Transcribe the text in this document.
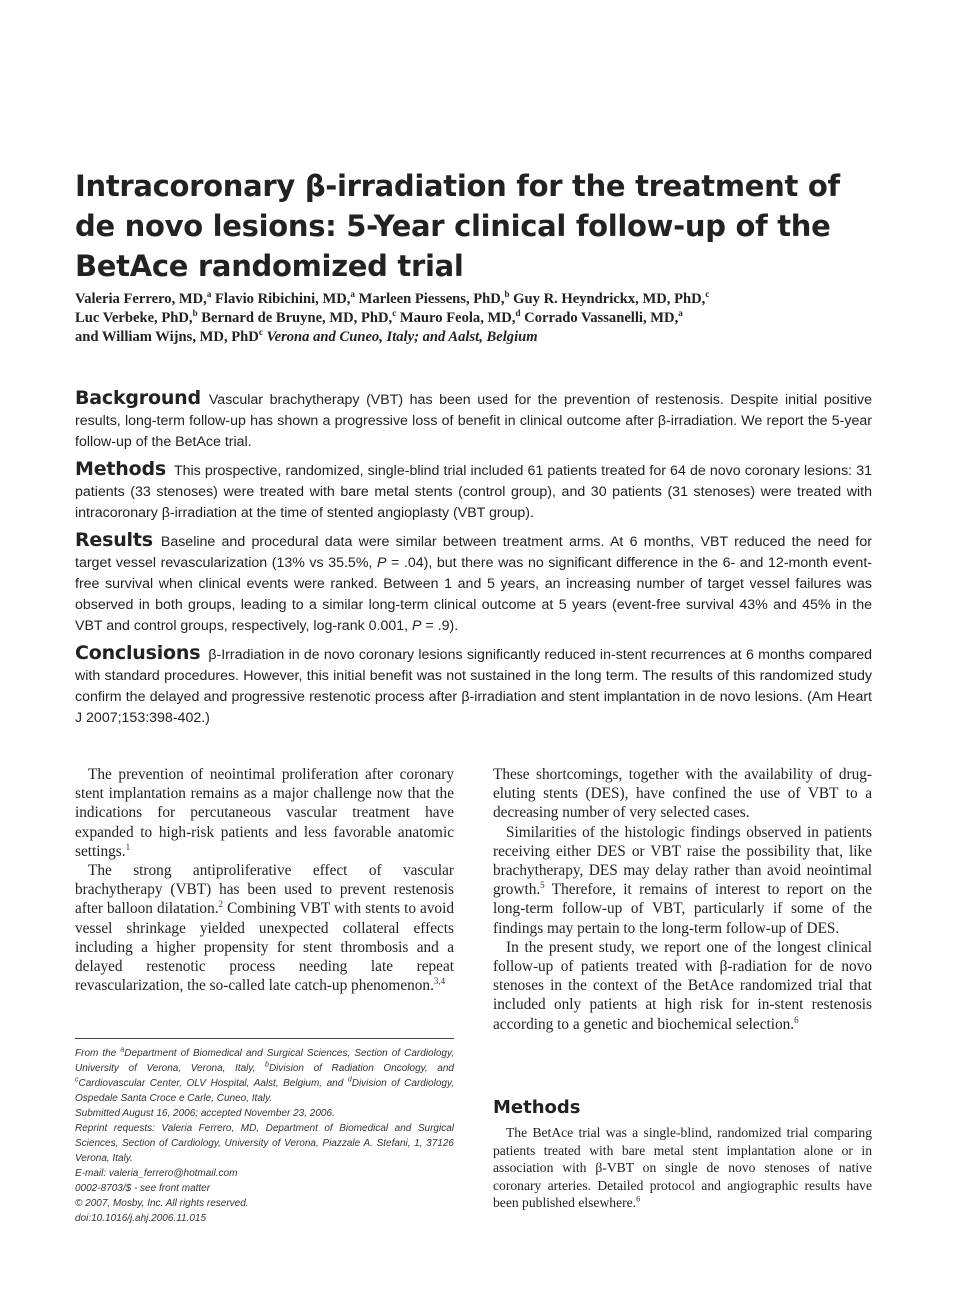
Intracoronary β-irradiation for the treatment of de novo lesions: 5-Year clinical follow-up of the BetAce randomized trial
Valeria Ferrero, MD,$^a$ Flavio Ribichini, MD,$^a$ Marleen Piessens, PhD,$^b$ Guy R. Heyndrickx, MD, PhD,$^c$
Luc Verbeke, PhD,$^b$ Bernard de Bruyne, MD, PhD,$^c$ Mauro Feola, MD,$^d$ Corrado Vassanelli, MD,$^a$
and William Wijns, MD, PhD$^c$ Verona and Cuneo, Italy; and Aalst, Belgium

Background Vascular brachytherapy (VBT) has been used for the prevention of restenosis. Despite initial positive results, long-term follow-up has shown a progressive loss of benefit in clinical outcome after β-irradiation. We report the 5-year follow-up of the BetAce trial.

Methods This prospective, randomized, single-blind trial included 61 patients treated for 64 de novo coronary lesions: 31 patients (33 stenoses) were treated with bare metal stents (control group), and 30 patients (31 stenoses) were treated with intracoronary β-irradiation at the time of stented angioplasty (VBT group).

Results Baseline and procedural data were similar between treatment arms. At 6 months, VBT reduced the need for target vessel revascularization (13% vs 35.5%, P = .04), but there was no significant difference in the 6- and 12-month event-free survival when clinical events were ranked. Between 1 and 5 years, an increasing number of target vessel failures was observed in both groups, leading to a similar long-term clinical outcome at 5 years (event-free survival 43% and 45% in the VBT and control groups, respectively, log-rank 0.001, P = .9).

Conclusions β-Irradiation in de novo coronary lesions significantly reduced in-stent recurrences at 6 months compared with standard procedures. However, this initial benefit was not sustained in the long term. The results of this randomized study confirm the delayed and progressive restenotic process after β-irradiation and stent implantation in de novo lesions. (Am Heart J 2007;153:398-402.)

The prevention of neointimal proliferation after coronary stent implantation remains as a major challenge now that the indications for percutaneous vascular treatment have expanded to high-risk patients and less favorable anatomic settings.$^1$

The strong antiproliferative effect of vascular brachytherapy (VBT) has been used to prevent restenosis after balloon dilatation.$^2$ Combining VBT with stents to avoid vessel shrinkage yielded unexpected collateral effects including a higher propensity for stent thrombosis and a delayed restenotic process needing late repeat revascularization, the so-called late catch-up phenomenon.$^{3,4}$

From the $^a$Department of Biomedical and Surgical Sciences, Section of Cardiology, University of Verona, Verona, Italy, $^b$Division of Radiation Oncology, and $^c$Cardiovascular Center, OLV Hospital, Aalst, Belgium, and $^d$Division of Cardiology, Ospedale Santa Croce e Carle, Cuneo, Italy.

Submitted August 16, 2006; accepted November 23, 2006.

Reprint requests: Valeria Ferrero, MD, Department of Biomedical and Surgical Sciences, Section of Cardiology, University of Verona, Piazzale A. Stefani, 1, 37126 Verona, Italy.

E-mail: valeria_ferrero@hotmail.com

0002-8703/$ - see front matter

© 2007, Mosby, Inc. All rights reserved.

doi:10.1016/j.ahj.2006.11.015

These shortcomings, together with the availability of drug-eluting stents (DES), have confined the use of VBT to a decreasing number of very selected cases.

Similarities of the histologic findings observed in patients receiving either DES or VBT raise the possibility that, like brachytherapy, DES may delay rather than avoid neointimal growth.$^5$ Therefore, it remains of interest to report on the long-term follow-up of VBT, particularly if some of the findings may pertain to the long-term follow-up of DES.

In the present study, we report one of the longest clinical follow-up of patients treated with β-radiation for de novo stenoses in the context of the BetAce randomized trial that included only patients at high risk for in-stent restenosis according to a genetic and biochemical selection.$^6$

Methods
The BetAce trial was a single-blind, randomized trial comparing patients treated with bare metal stent implantation alone or in association with β-VBT on single de novo stenoses of native coronary arteries. Detailed protocol and angiographic results have been published elsewhere.$^6$
